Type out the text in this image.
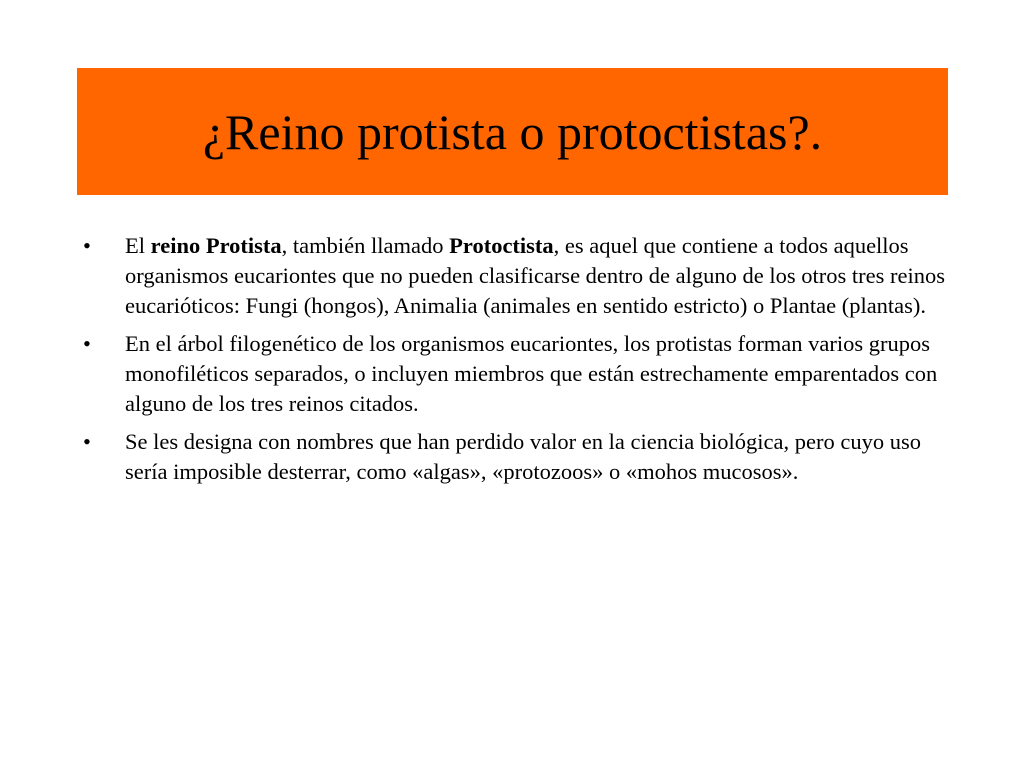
¿Reino protista o protoctistas?.
•	El reino Protista, también llamado Protoctista, es aquel que contiene a todos aquellos organismos eucariontes que no pueden clasificarse dentro de alguno de los otros tres reinos eucarióticos: Fungi (hongos), Animalia (animales en sentido estricto) o Plantae (plantas).
•	En el árbol filogenético de los organismos eucariontes, los protistas forman varios grupos monofiléticos separados, o incluyen miembros que están estrechamente emparentados con alguno de los tres reinos citados.
•	Se les designa con nombres que han perdido valor en la ciencia biológica, pero cuyo uso sería imposible desterrar, como «algas», «protozoos» o «mohos mucosos».
